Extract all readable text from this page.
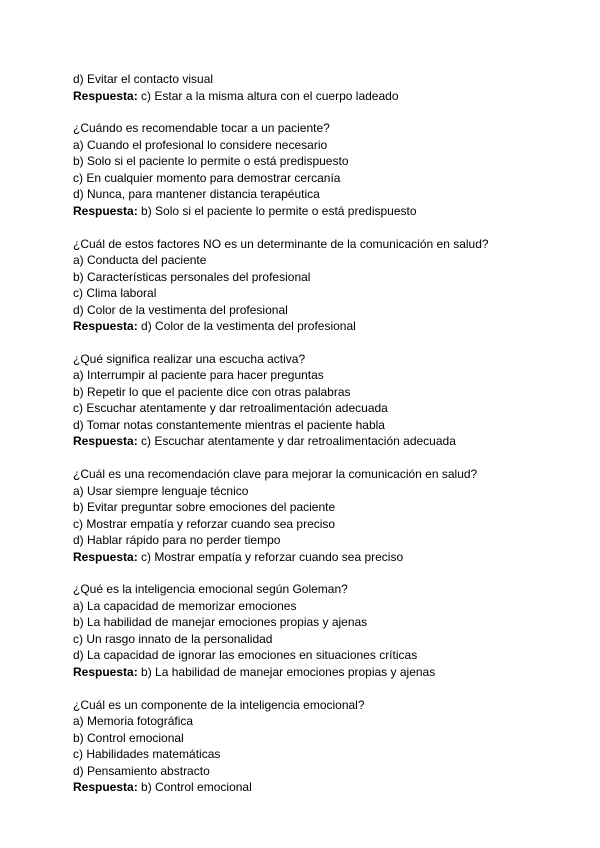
d) Evitar el contacto visual
Respuesta: c) Estar a la misma altura con el cuerpo ladeado
¿Cuándo es recomendable tocar a un paciente?
a) Cuando el profesional lo considere necesario
b) Solo si el paciente lo permite o está predispuesto
c) En cualquier momento para demostrar cercanía
d) Nunca, para mantener distancia terapéutica
Respuesta: b) Solo si el paciente lo permite o está predispuesto
¿Cuál de estos factores NO es un determinante de la comunicación en salud?
a) Conducta del paciente
b) Características personales del profesional
c) Clima laboral
d) Color de la vestimenta del profesional
Respuesta: d) Color de la vestimenta del profesional
¿Qué significa realizar una escucha activa?
a) Interrumpir al paciente para hacer preguntas
b) Repetir lo que el paciente dice con otras palabras
c) Escuchar atentamente y dar retroalimentación adecuada
d) Tomar notas constantemente mientras el paciente habla
Respuesta: c) Escuchar atentamente y dar retroalimentación adecuada
¿Cuál es una recomendación clave para mejorar la comunicación en salud?
a) Usar siempre lenguaje técnico
b) Evitar preguntar sobre emociones del paciente
c) Mostrar empatía y reforzar cuando sea preciso
d) Hablar rápido para no perder tiempo
Respuesta: c) Mostrar empatía y reforzar cuando sea preciso
¿Qué es la inteligencia emocional según Goleman?
a) La capacidad de memorizar emociones
b) La habilidad de manejar emociones propias y ajenas
c) Un rasgo innato de la personalidad
d) La capacidad de ignorar las emociones en situaciones críticas
Respuesta: b) La habilidad de manejar emociones propias y ajenas
¿Cuál es un componente de la inteligencia emocional?
a) Memoria fotográfica
b) Control emocional
c) Habilidades matemáticas
d) Pensamiento abstracto
Respuesta: b) Control emocional
